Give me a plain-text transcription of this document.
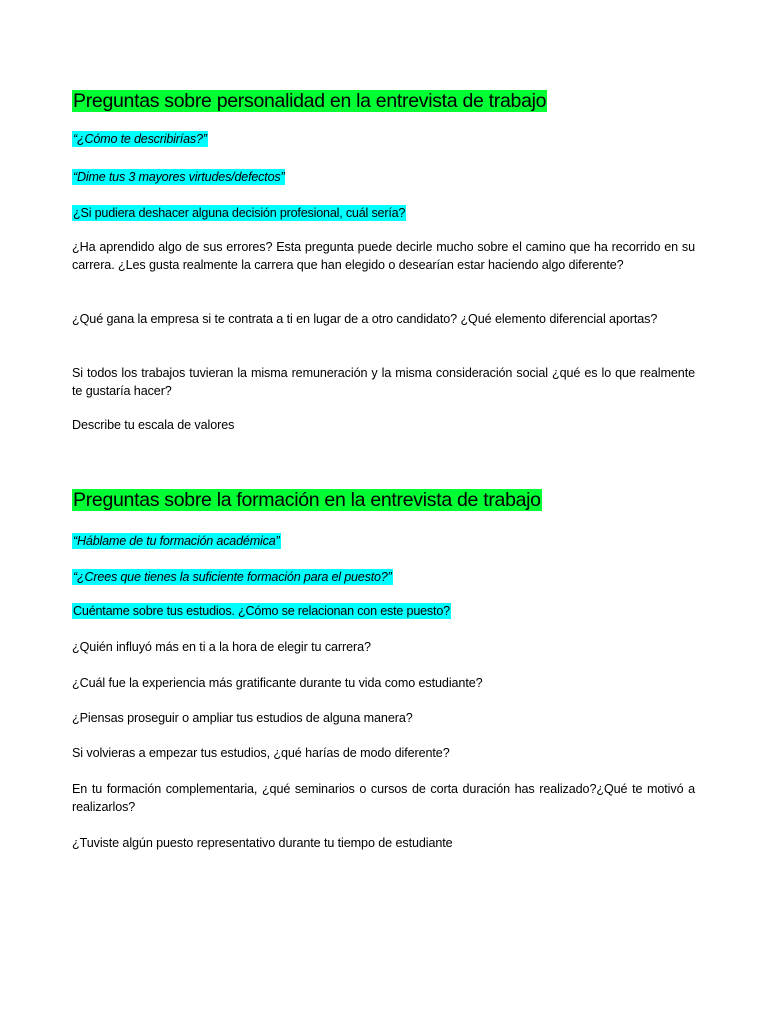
Preguntas sobre personalidad en la entrevista de trabajo
“¿Cómo te describirías?”
“Dime tus 3 mayores virtudes/defectos”
¿Si pudiera deshacer alguna decisión profesional, cuál sería?
¿Ha aprendido algo de sus errores? Esta pregunta puede decirle mucho sobre el camino que ha recorrido en su carrera. ¿Les gusta realmente la carrera que han elegido o desearían estar haciendo algo diferente?
¿Qué gana la empresa si te contrata a ti en lugar de a otro candidato? ¿Qué elemento diferencial aportas?
Si todos los trabajos tuvieran la misma remuneración y la misma consideración social ¿qué es lo que realmente te gustaría hacer?
Describe tu escala de valores
Preguntas sobre la formación en la entrevista de trabajo
“Háblame de tu formación académica”
“¿Crees que tienes la suficiente formación para el puesto?”
Cuéntame sobre tus estudios. ¿Cómo se relacionan con este puesto?
¿Quién influyó más en ti a la hora de elegir tu carrera?
¿Cuál fue la experiencia más gratificante durante tu vida como estudiante?
¿Piensas proseguir o ampliar tus estudios de alguna manera?
Si volvieras a empezar tus estudios, ¿qué harías de modo diferente?
En tu formación complementaria, ¿qué seminarios o cursos de corta duración has realizado?¿Qué te motivó a realizarlos?
¿Tuviste algún puesto representativo durante tu tiempo de estudiante
